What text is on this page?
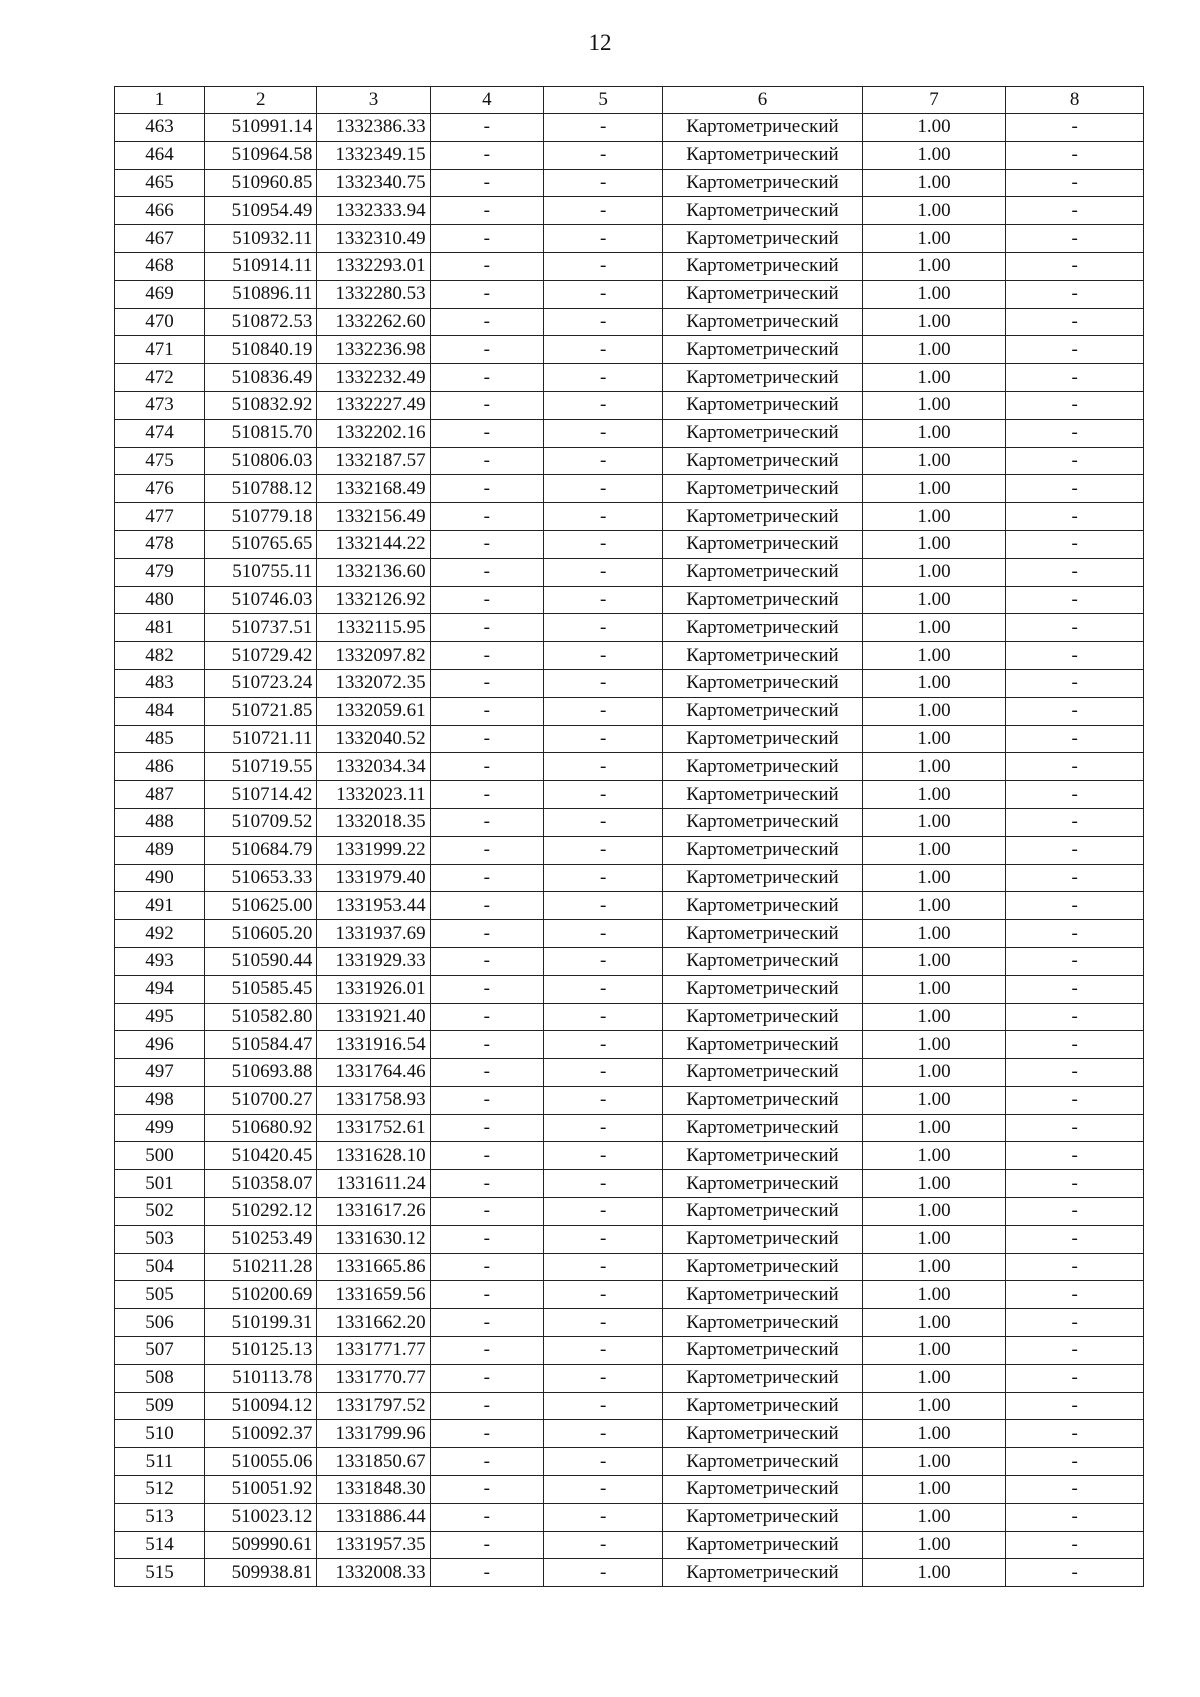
12
1	2	3	4	5	6	7	8
463	510991.14	1332386.33	-	-	Картометрический	1.00	-
464	510964.58	1332349.15	-	-	Картометрический	1.00	-
465	510960.85	1332340.75	-	-	Картометрический	1.00	-
466	510954.49	1332333.94	-	-	Картометрический	1.00	-
467	510932.11	1332310.49	-	-	Картометрический	1.00	-
468	510914.11	1332293.01	-	-	Картометрический	1.00	-
469	510896.11	1332280.53	-	-	Картометрический	1.00	-
470	510872.53	1332262.60	-	-	Картометрический	1.00	-
471	510840.19	1332236.98	-	-	Картометрический	1.00	-
472	510836.49	1332232.49	-	-	Картометрический	1.00	-
473	510832.92	1332227.49	-	-	Картометрический	1.00	-
474	510815.70	1332202.16	-	-	Картометрический	1.00	-
475	510806.03	1332187.57	-	-	Картометрический	1.00	-
476	510788.12	1332168.49	-	-	Картометрический	1.00	-
477	510779.18	1332156.49	-	-	Картометрический	1.00	-
478	510765.65	1332144.22	-	-	Картометрический	1.00	-
479	510755.11	1332136.60	-	-	Картометрический	1.00	-
480	510746.03	1332126.92	-	-	Картометрический	1.00	-
481	510737.51	1332115.95	-	-	Картометрический	1.00	-
482	510729.42	1332097.82	-	-	Картометрический	1.00	-
483	510723.24	1332072.35	-	-	Картометрический	1.00	-
484	510721.85	1332059.61	-	-	Картометрический	1.00	-
485	510721.11	1332040.52	-	-	Картометрический	1.00	-
486	510719.55	1332034.34	-	-	Картометрический	1.00	-
487	510714.42	1332023.11	-	-	Картометрический	1.00	-
488	510709.52	1332018.35	-	-	Картометрический	1.00	-
489	510684.79	1331999.22	-	-	Картометрический	1.00	-
490	510653.33	1331979.40	-	-	Картометрический	1.00	-
491	510625.00	1331953.44	-	-	Картометрический	1.00	-
492	510605.20	1331937.69	-	-	Картометрический	1.00	-
493	510590.44	1331929.33	-	-	Картометрический	1.00	-
494	510585.45	1331926.01	-	-	Картометрический	1.00	-
495	510582.80	1331921.40	-	-	Картометрический	1.00	-
496	510584.47	1331916.54	-	-	Картометрический	1.00	-
497	510693.88	1331764.46	-	-	Картометрический	1.00	-
498	510700.27	1331758.93	-	-	Картометрический	1.00	-
499	510680.92	1331752.61	-	-	Картометрический	1.00	-
500	510420.45	1331628.10	-	-	Картометрический	1.00	-
501	510358.07	1331611.24	-	-	Картометрический	1.00	-
502	510292.12	1331617.26	-	-	Картометрический	1.00	-
503	510253.49	1331630.12	-	-	Картометрический	1.00	-
504	510211.28	1331665.86	-	-	Картометрический	1.00	-
505	510200.69	1331659.56	-	-	Картометрический	1.00	-
506	510199.31	1331662.20	-	-	Картометрический	1.00	-
507	510125.13	1331771.77	-	-	Картометрический	1.00	-
508	510113.78	1331770.77	-	-	Картометрический	1.00	-
509	510094.12	1331797.52	-	-	Картометрический	1.00	-
510	510092.37	1331799.96	-	-	Картометрический	1.00	-
511	510055.06	1331850.67	-	-	Картометрический	1.00	-
512	510051.92	1331848.30	-	-	Картометрический	1.00	-
513	510023.12	1331886.44	-	-	Картометрический	1.00	-
514	509990.61	1331957.35	-	-	Картометрический	1.00	-
515	509938.81	1332008.33	-	-	Картометрический	1.00	-
